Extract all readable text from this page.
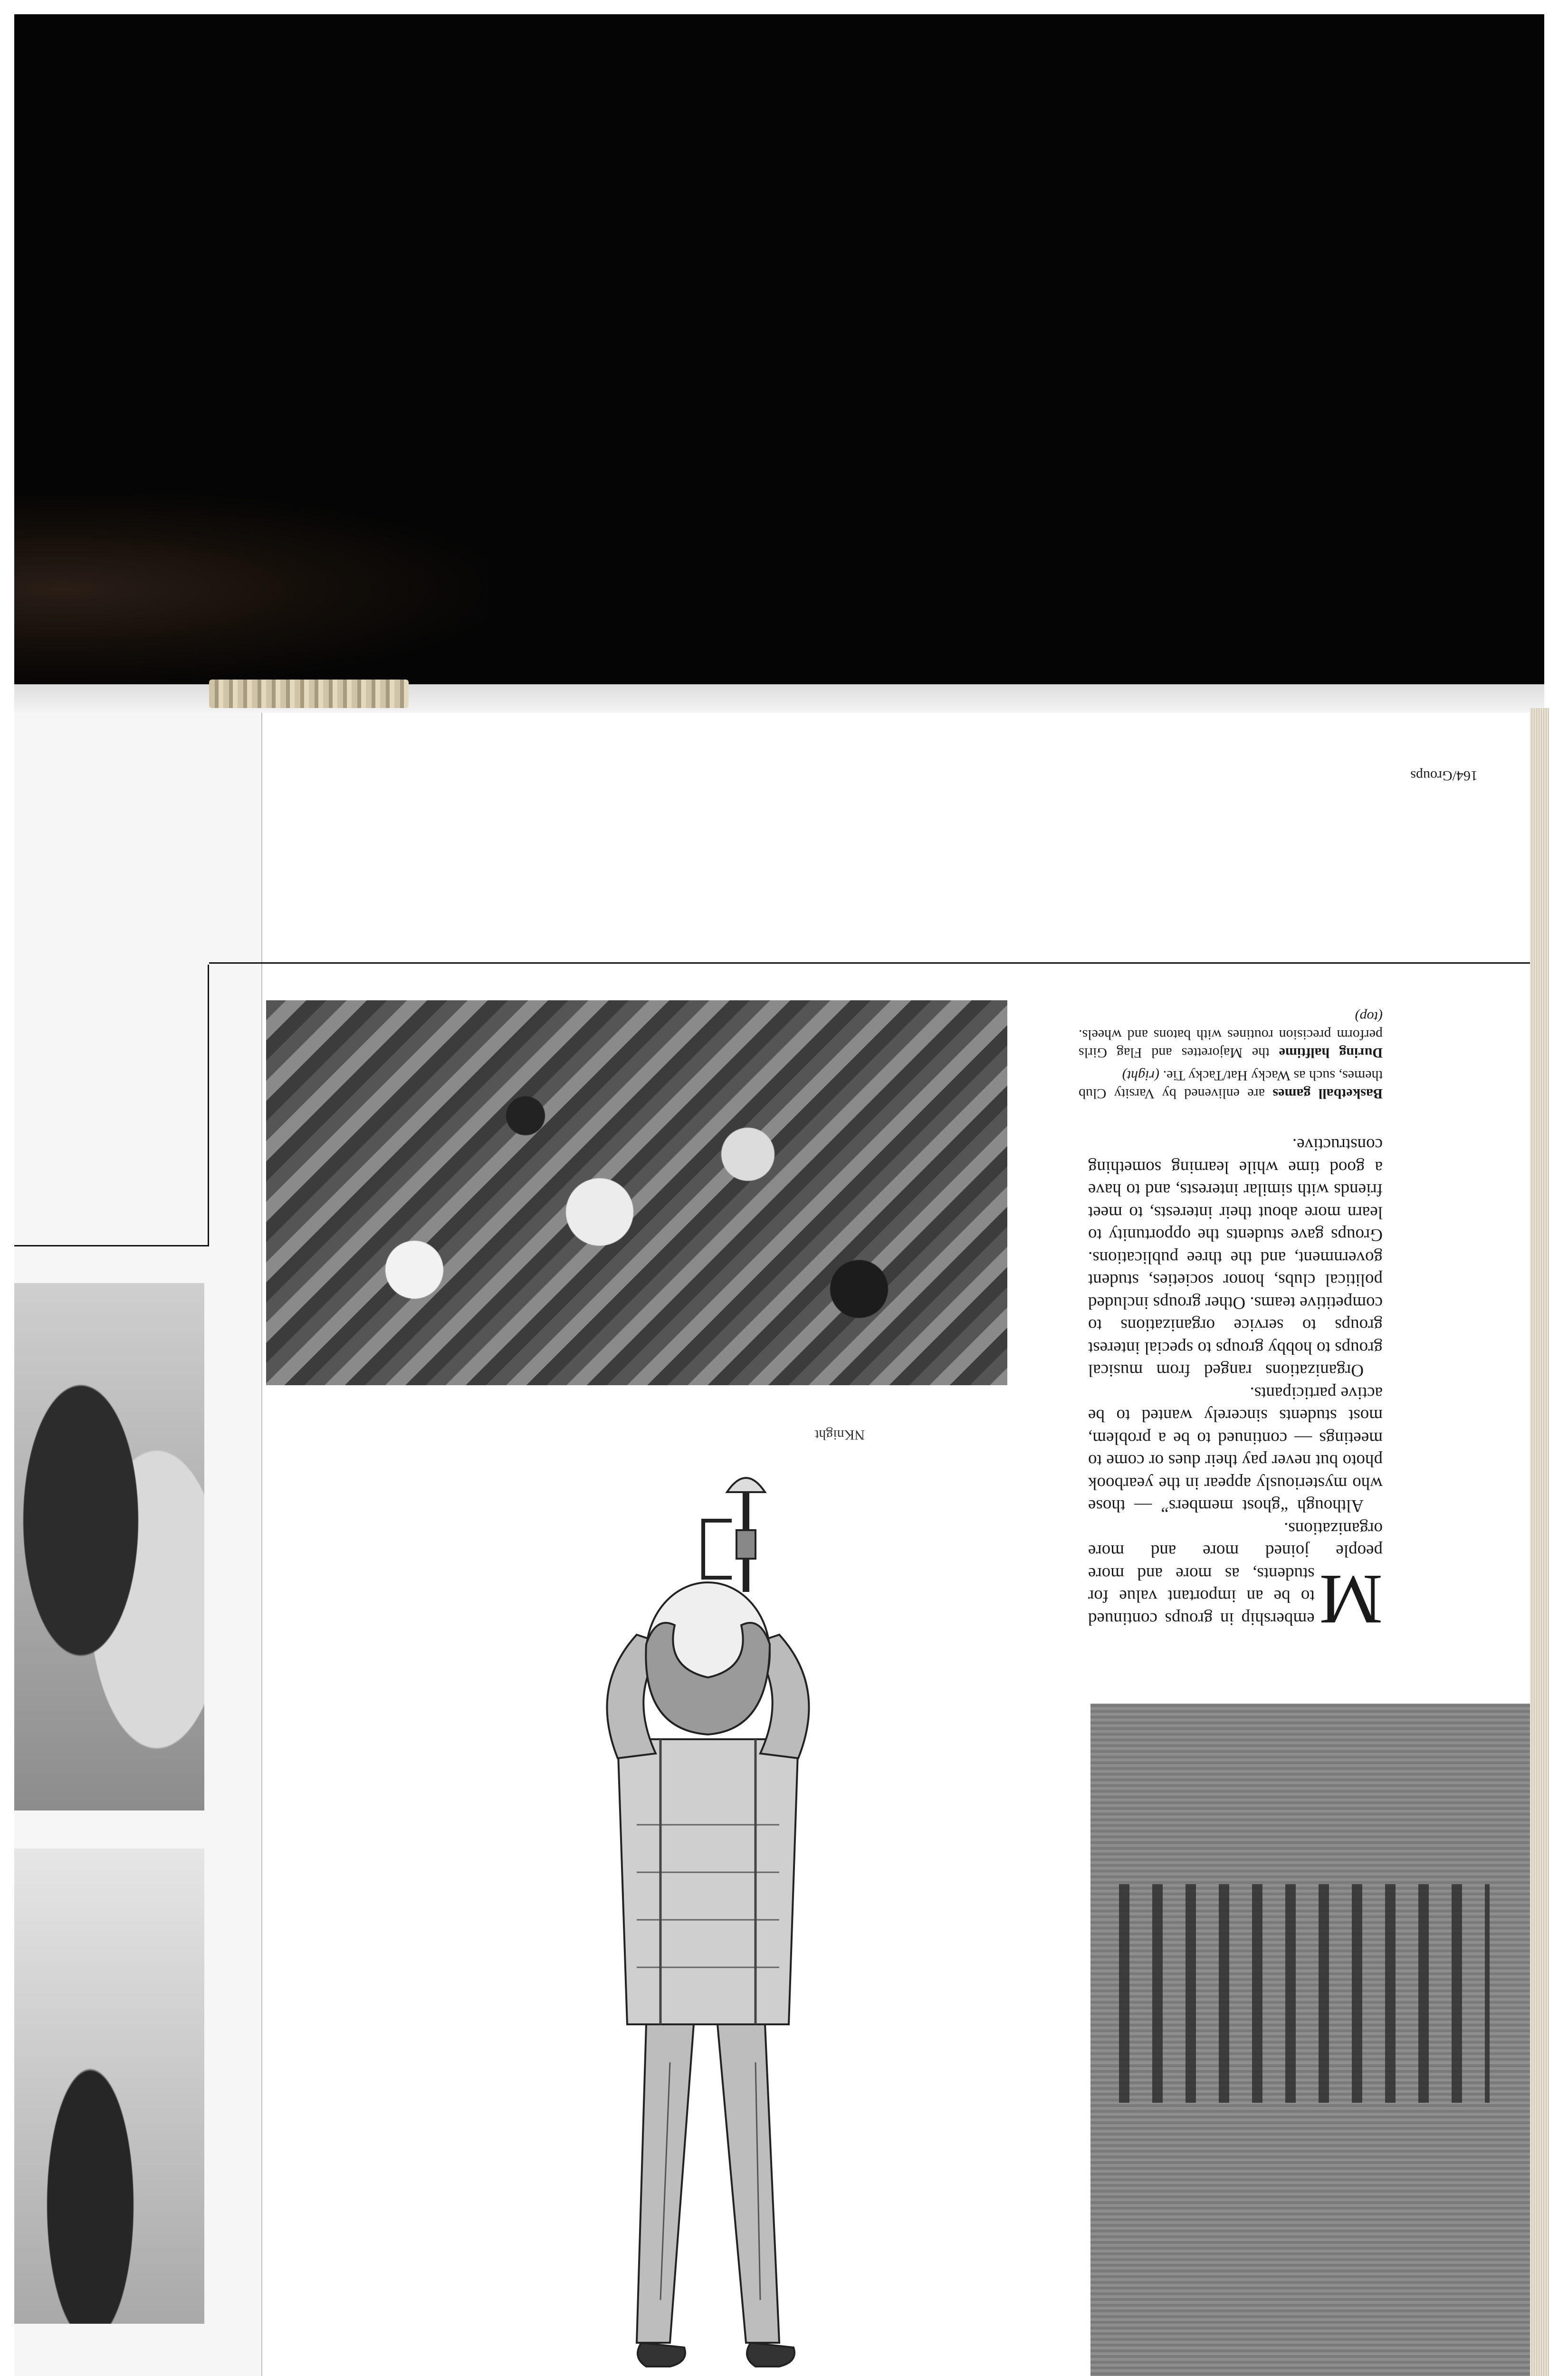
164/Groups
M

embership in groups continued to be an important value for students, as more and more people joined more and more organizations.

Although “ghost members” — those who mysteriously appear in the yearbook photo but never pay their dues or come to meetings — continued to be a problem, most students sincerely wanted to be active participants.

Organizations ranged from musical groups to hobby groups to special interest groups to service organizations to competitive teams. Other groups included political clubs, honor societies, student government, and the three publications. Groups gave students the opportunity to learn more about their interests, to meet friends with similar interests, and to have a good time while learning something constructive.

Basketball games are enlivened by Varsity Club themes, such as Wacky Hat/Tacky Tie. (right)

During halftime the Majorettes and Flag Girls perform precision routines with batons and wheels. (top)

NKnight
